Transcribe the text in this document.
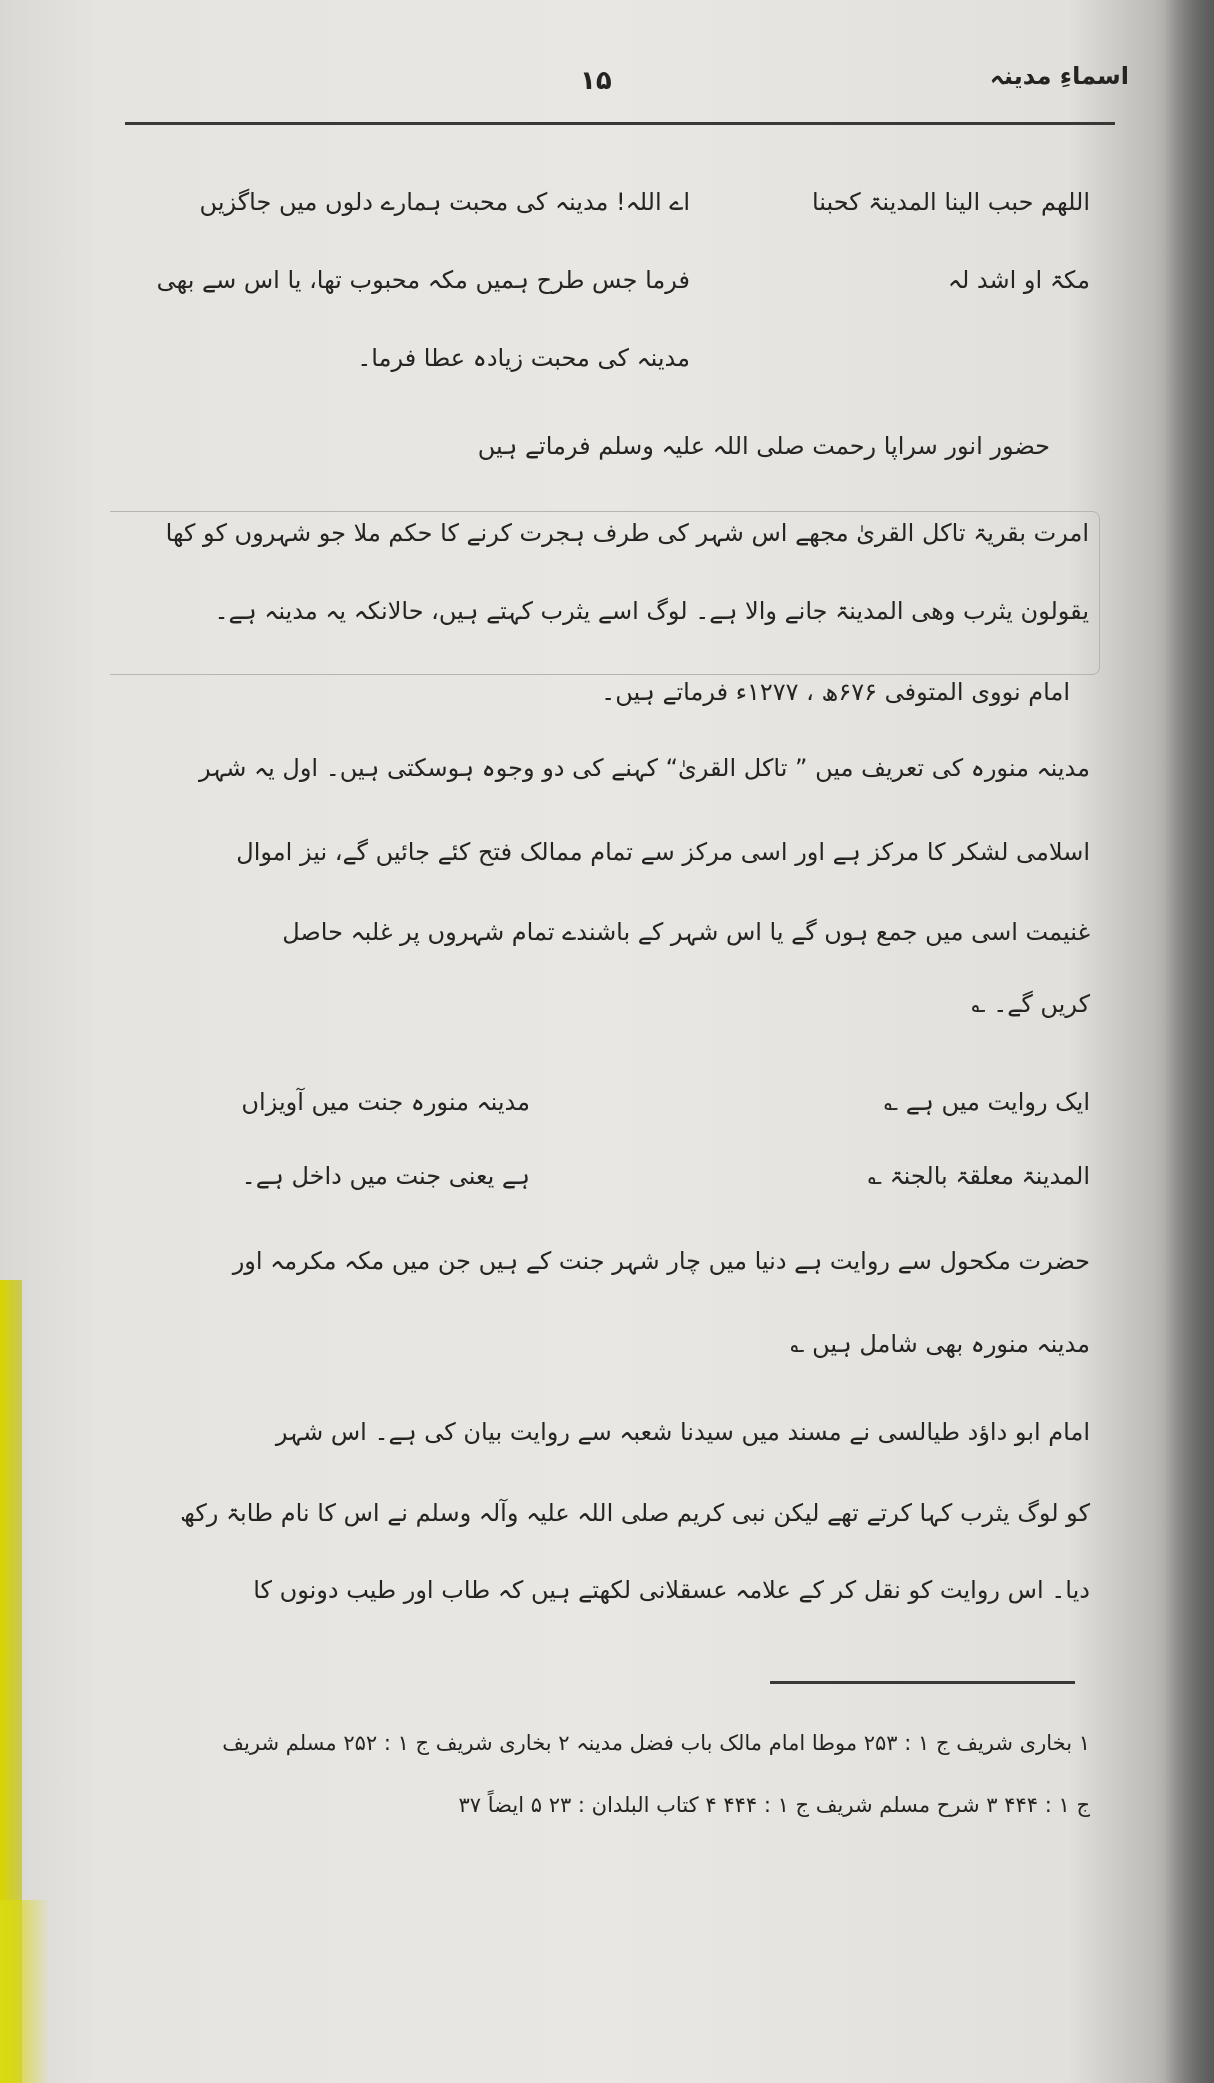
اسماءِ مدینہ
۱۵
اللھم حبب الینا المدینۃ کحبنا
اے اللہ! مدینہ کی محبت ہمارے دلوں میں جاگزیں
مکۃ او اشد لہ
فرما جس طرح ہمیں مکہ محبوب تھا، یا اس سے بھی
مدینہ کی محبت زیادہ عطا فرما۔
حضور انور سراپا رحمت صلی اللہ علیہ وسلم فرماتے ہیں
امرت بقریۃ تاکل القریٰ مجھے اس شہر کی طرف ہجرت کرنے کا حکم ملا جو شہروں کو کھا
یقولون یثرب وھی المدینۃ جانے والا ہے۔ لوگ اسے یثرب کہتے ہیں، حالانکہ یہ مدینہ ہے۔
امام نووی المتوفی ۶۷۶ھ ، ۱۲۷۷ء فرماتے ہیں۔
مدینہ منورہ کی تعریف میں ” تاکل القریٰ“ کہنے کی دو وجوہ ہوسکتی ہیں۔ اول یہ شہر
اسلامی لشکر کا مرکز ہے اور اسی مرکز سے تمام ممالک فتح کئے جائیں گے، نیز اموال
غنیمت اسی میں جمع ہوں گے یا اس شہر کے باشندے تمام شہروں پر غلبہ حاصل
کریں گے۔ ؎
ایک روایت میں ہے ؎
مدینہ منورہ جنت میں آویزاں
المدینۃ معلقۃ بالجنۃ ؎
ہے یعنی جنت میں داخل ہے۔
حضرت مکحول سے روایت ہے دنیا میں چار شہر جنت کے ہیں جن میں مکہ مکرمہ اور
مدینہ منورہ بھی شامل ہیں ؎
امام ابو داؤد طیالسی نے مسند میں سیدنا شعبہ سے روایت بیان کی ہے۔ اس شہر
کو لوگ یثرب کہا کرتے تھے لیکن نبی کریم صلی اللہ علیہ وآلہ وسلم نے اس کا نام طابۃ رکھ
دیا۔ اس روایت کو نقل کر کے علامہ عسقلانی لکھتے ہیں کہ طاب اور طیب دونوں کا
۱ بخاری شریف ج ۱ : ۲۵۳ موطا امام مالک باب فضل مدینہ ۲ بخاری شریف ج ۱ : ۲۵۲ مسلم شریف
ج ۱ : ۴۴۴ ۳ شرح مسلم شریف ج ۱ : ۴۴۴ ۴ کتاب البلدان : ۲۳ ۵ ایضاً ۳۷
